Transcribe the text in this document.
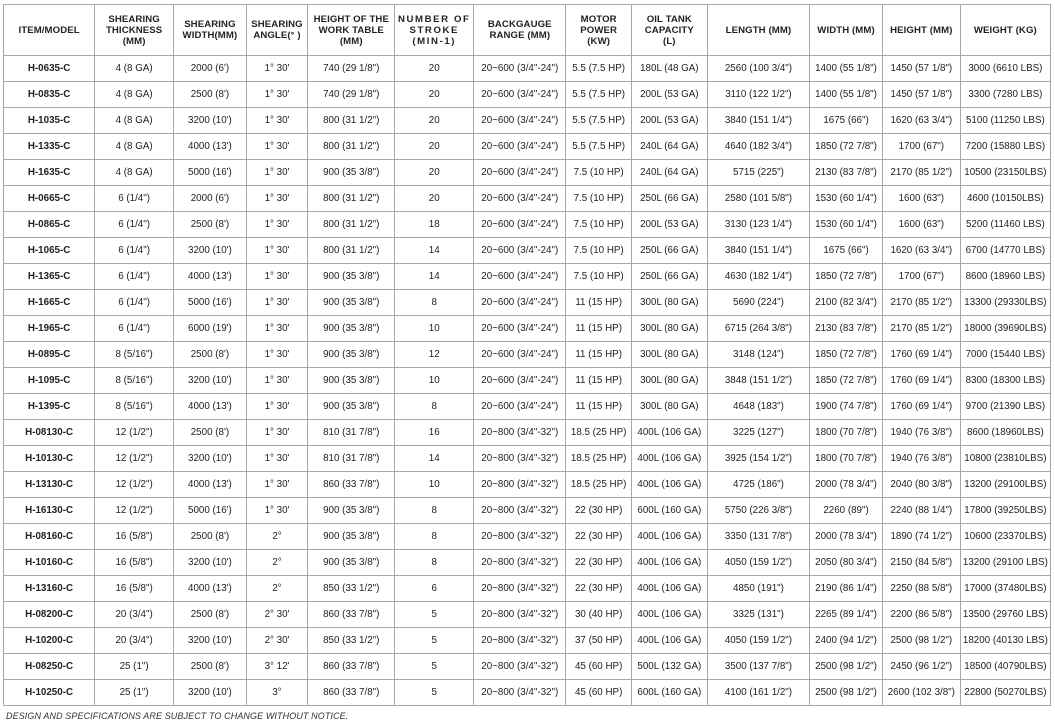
ITEM/MODEL	SHEARING
THICKNESS
(MM)	SHEARING
WIDTH(MM)	SHEARING
ANGLE(° )	HEIGHT OF THE
WORK TABLE
(MM)	NUMBER OF
STROKE
(MIN-1)	BACKGAUGE
RANGE (MM)	MOTOR
POWER
(KW)	OIL TANK
CAPACITY
(L)	LENGTH (MM)	WIDTH (MM)	HEIGHT (MM)	WEIGHT (KG)
H-0635-C	4 (8 GA)	2000 (6')	1° 30'	740 (29 1/8")	20	20~600 (3/4"-24")	5.5 (7.5 HP)	180L (48 GA)	2560 (100 3/4")	1400 (55 1/8")	1450 (57 1/8")	3000 (6610 LBS)
H-0835-C	4 (8 GA)	2500 (8')	1° 30'	740 (29 1/8")	20	20~600 (3/4"-24")	5.5 (7.5 HP)	200L (53 GA)	3110 (122 1/2")	1400 (55 1/8")	1450 (57 1/8")	3300 (7280 LBS)
H-1035-C	4 (8 GA)	3200 (10')	1° 30'	800 (31 1/2")	20	20~600 (3/4"-24")	5.5 (7.5 HP)	200L (53 GA)	3840 (151 1/4")	1675 (66")	1620 (63 3/4")	5100 (11250 LBS)
H-1335-C	4 (8 GA)	4000 (13')	1° 30'	800 (31 1/2")	20	20~600 (3/4"-24")	5.5 (7.5 HP)	240L (64 GA)	4640 (182 3/4")	1850 (72 7/8")	1700 (67")	7200 (15880 LBS)
H-1635-C	4 (8 GA)	5000 (16')	1° 30'	900 (35 3/8")	20	20~600 (3/4"-24")	7.5 (10 HP)	240L (64 GA)	5715 (225")	2130 (83 7/8")	2170 (85 1/2")	10500 (23150LBS)
H-0665-C	6 (1/4")	2000 (6')	1° 30'	800 (31 1/2")	20	20~600 (3/4"-24")	7.5 (10 HP)	250L (66 GA)	2580 (101 5/8")	1530 (60 1/4")	1600 (63")	4600 (10150LBS)
H-0865-C	6 (1/4")	2500 (8')	1° 30'	800 (31 1/2")	18	20~600 (3/4"-24")	7.5 (10 HP)	200L (53 GA)	3130 (123 1/4")	1530 (60 1/4")	1600 (63")	5200 (11460 LBS)
H-1065-C	6 (1/4")	3200 (10')	1° 30'	800 (31 1/2")	14	20~600 (3/4"-24")	7.5 (10 HP)	250L (66 GA)	3840 (151 1/4")	1675 (66")	1620 (63 3/4")	6700 (14770 LBS)
H-1365-C	6 (1/4")	4000 (13')	1° 30'	900 (35 3/8")	14	20~600 (3/4"-24")	7.5 (10 HP)	250L (66 GA)	4630 (182 1/4")	1850 (72 7/8")	1700 (67")	8600 (18960 LBS)
H-1665-C	6 (1/4")	5000 (16')	1° 30'	900 (35 3/8")	8	20~600 (3/4"-24")	11 (15 HP)	300L (80 GA)	5690 (224")	2100 (82 3/4")	2170 (85 1/2")	13300 (29330LBS)
H-1965-C	6 (1/4")	6000 (19')	1° 30'	900 (35 3/8")	10	20~600 (3/4"-24")	11 (15 HP)	300L (80 GA)	6715 (264 3/8")	2130 (83 7/8")	2170 (85 1/2")	18000 (39690LBS)
H-0895-C	8 (5/16")	2500 (8')	1° 30'	900 (35 3/8")	12	20~600 (3/4"-24")	11 (15 HP)	300L (80 GA)	3148 (124")	1850 (72 7/8")	1760 (69 1/4")	7000 (15440 LBS)
H-1095-C	8 (5/16")	3200 (10')	1° 30'	900 (35 3/8")	10	20~600 (3/4"-24")	11 (15 HP)	300L (80 GA)	3848 (151 1/2")	1850 (72 7/8")	1760 (69 1/4")	8300 (18300 LBS)
H-1395-C	8 (5/16")	4000 (13')	1° 30'	900 (35 3/8")	8	20~600 (3/4"-24")	11 (15 HP)	300L (80 GA)	4648 (183")	1900 (74 7/8")	1760 (69 1/4")	9700 (21390 LBS)
H-08130-C	12 (1/2")	2500 (8')	1° 30'	810 (31 7/8")	16	20~800 (3/4"-32")	18.5 (25 HP)	400L (106 GA)	3225 (127")	1800 (70 7/8")	1940 (76 3/8")	8600 (18960LBS)
H-10130-C	12 (1/2")	3200 (10')	1° 30'	810 (31 7/8")	14	20~800 (3/4"-32")	18.5 (25 HP)	400L (106 GA)	3925 (154 1/2")	1800 (70 7/8")	1940 (76 3/8")	10800 (23810LBS)
H-13130-C	12 (1/2")	4000 (13')	1° 30'	860 (33 7/8")	10	20~800 (3/4"-32")	18.5 (25 HP)	400L (106 GA)	4725 (186")	2000 (78 3/4")	2040 (80 3/8")	13200 (29100LBS)
H-16130-C	12 (1/2")	5000 (16')	1° 30'	900 (35 3/8")	8	20~800 (3/4"-32")	22 (30 HP)	600L (160 GA)	5750 (226 3/8")	2260 (89")	2240 (88 1/4")	17800 (39250LBS)
H-08160-C	16 (5/8")	2500 (8')	2°	900 (35 3/8")	8	20~800 (3/4"-32")	22 (30 HP)	400L (106 GA)	3350 (131 7/8")	2000 (78 3/4")	1890 (74 1/2")	10600 (23370LBS)
H-10160-C	16 (5/8")	3200 (10')	2°	900 (35 3/8")	8	20~800 (3/4"-32")	22 (30 HP)	400L (106 GA)	4050 (159 1/2")	2050 (80 3/4")	2150 (84 5/8")	13200 (29100 LBS)
H-13160-C	16 (5/8")	4000 (13')	2°	850 (33 1/2")	6	20~800 (3/4"-32")	22 (30 HP)	400L (106 GA)	4850 (191")	2190 (86 1/4")	2250 (88 5/8")	17000 (37480LBS)
H-08200-C	20 (3/4")	2500 (8')	2° 30'	860 (33 7/8")	5	20~800 (3/4"-32")	30 (40 HP)	400L (106 GA)	3325 (131")	2265 (89 1/4")	2200 (86 5/8")	13500 (29760 LBS)
H-10200-C	20 (3/4")	3200 (10')	2° 30'	850 (33 1/2")	5	20~800 (3/4"-32")	37 (50 HP)	400L (106 GA)	4050 (159 1/2")	2400 (94 1/2")	2500 (98 1/2")	18200 (40130 LBS)
H-08250-C	25 (1")	2500 (8')	3° 12'	860 (33 7/8")	5	20~800 (3/4"-32")	45 (60 HP)	500L (132 GA)	3500 (137 7/8")	2500 (98 1/2")	2450 (96 1/2")	18500 (40790LBS)
H-10250-C	25 (1")	3200 (10')	3°	860 (33 7/8")	5	20~800 (3/4"-32")	45 (60 HP)	600L (160 GA)	4100 (161 1/2")	2500 (98 1/2")	2600 (102 3/8")	22800 (50270LBS)
DESIGN AND SPECIFICATIONS ARE SUBJECT TO CHANGE WITHOUT NOTICE.
